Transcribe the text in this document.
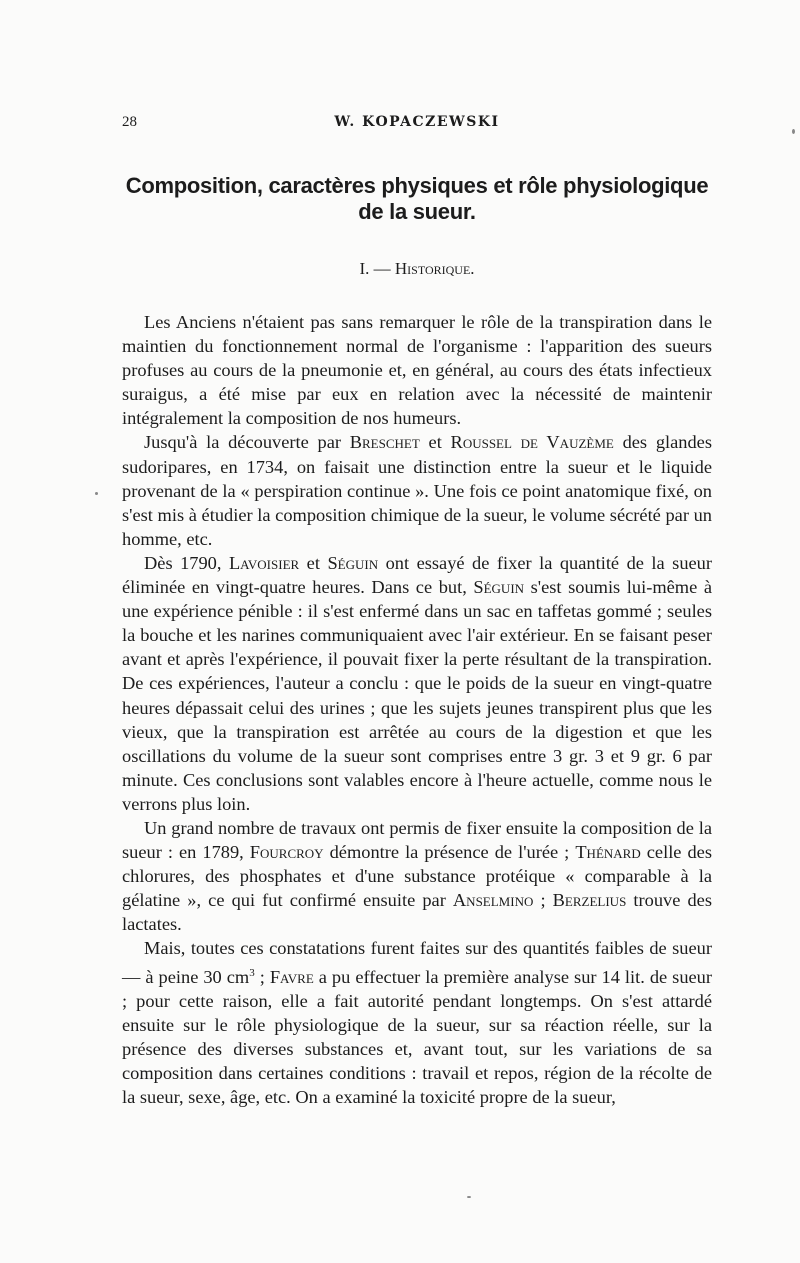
28	W. KOPACZEWSKI
Composition, caractères physiques et rôle physiologique
de la sueur.
I. — Historique.

Les Anciens n'étaient pas sans remarquer le rôle de la transpiration dans le maintien du fonctionnement normal de l'organisme : l'apparition des sueurs profuses au cours de la pneumonie et, en général, au cours des états infectieux suraigus, a été mise par eux en relation avec la nécessité de maintenir intégralement la composition de nos humeurs.

Jusqu'à la découverte par Breschet et Roussel de Vauzème des glandes sudoripares, en 1734, on faisait une distinction entre la sueur et le liquide provenant de la « perspiration continue ». Une fois ce point anatomique fixé, on s'est mis à étudier la composition chimique de la sueur, le volume sécrété par un homme, etc.

Dès 1790, Lavoisier et Séguin ont essayé de fixer la quantité de la sueur éliminée en vingt-quatre heures. Dans ce but, Séguin s'est soumis lui-même à une expérience pénible : il s'est enfermé dans un sac en taffetas gommé ; seules la bouche et les narines communiquaient avec l'air extérieur. En se faisant peser avant et après l'expérience, il pouvait fixer la perte résultant de la transpiration. De ces expériences, l'auteur a conclu : que le poids de la sueur en vingt-quatre heures dépassait celui des urines ; que les sujets jeunes transpirent plus que les vieux, que la transpiration est arrêtée au cours de la digestion et que les oscillations du volume de la sueur sont comprises entre 3 gr. 3 et 9 gr. 6 par minute. Ces conclusions sont valables encore à l'heure actuelle, comme nous le verrons plus loin.

Un grand nombre de travaux ont permis de fixer ensuite la composition de la sueur : en 1789, Fourcroy démontre la présence de l'urée ; Thénard celle des chlorures, des phosphates et d'une substance protéique « comparable à la gélatine », ce qui fut confirmé ensuite par Anselmino ; Berzelius trouve des lactates.

Mais, toutes ces constatations furent faites sur des quantités faibles de sueur — à peine 30 $cm^3$ ; Favre a pu effectuer la première analyse sur 14 lit. de sueur ; pour cette raison, elle a fait autorité pendant longtemps. On s'est attardé ensuite sur le rôle physiologique de la sueur, sur sa réaction réelle, sur la présence des diverses substances et, avant tout, sur les variations de sa composition dans certaines conditions : travail et repos, région de la récolte de la sueur, sexe, âge, etc. On a examiné la toxicité propre de la sueur,
